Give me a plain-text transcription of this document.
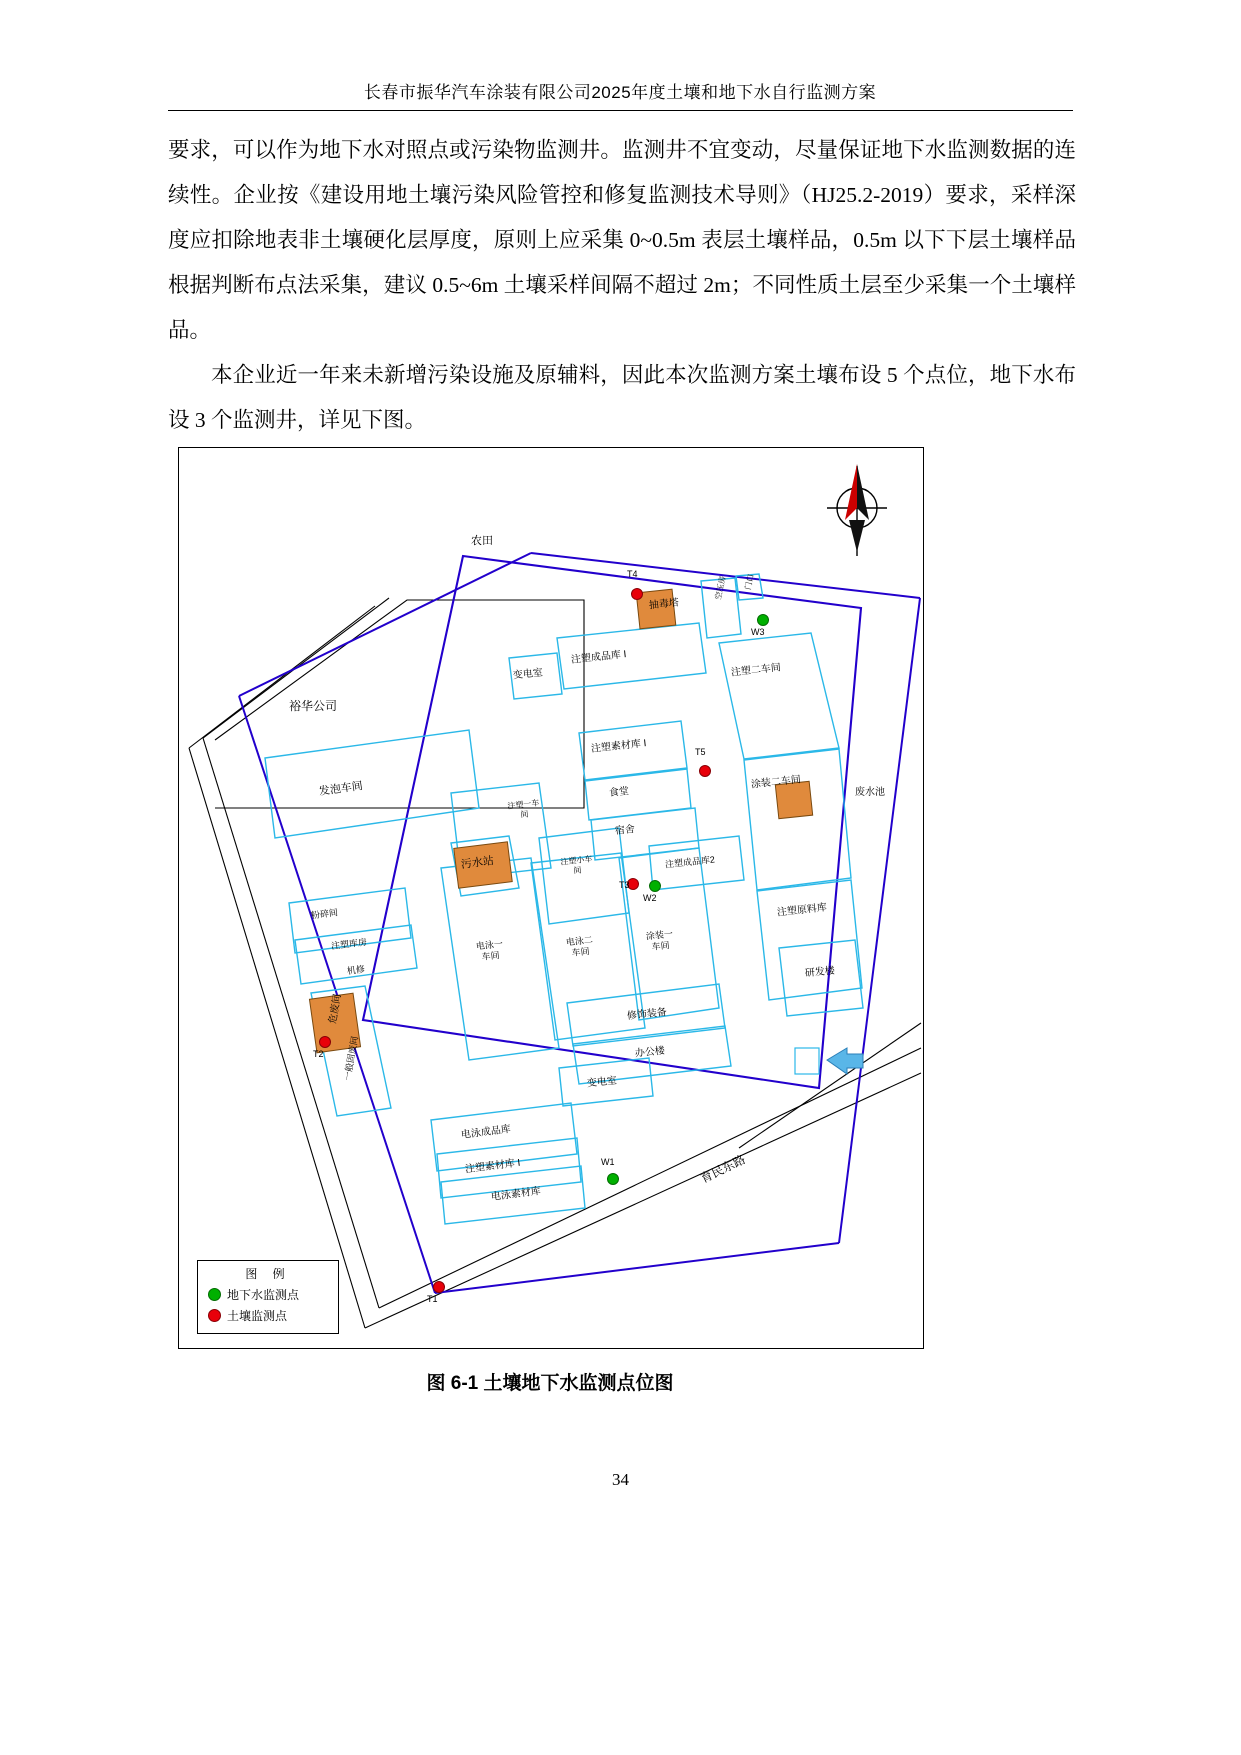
长春市振华汽车涂装有限公司2025年度土壤和地下水自行监测方案

要求，可以作为地下水对照点或污染物监测井。监测井不宜变动，尽量保证地下水监测数据的连续性。企业按《建设用地土壤污染风险管控和修复监测技术导则》（HJ25.2-2019）要求，采样深度应扣除地表非土壤硬化层厚度，原则上应采集 0~0.5m 表层土壤样品，0.5m 以下下层土壤样品根据判断布点法采集，建议 0.5~6m 土壤采样间隔不超过 2m；不同性质土层至少采集一个土壤样品。

本企业近一年来未新增污染设施及原辅料，因此本次监测方案土壤布设 5 个点位，地下水布设 3 个监测井，详见下图。

农田
裕华公司
育民东路
注塑成品库 I
抽毒塔
空压房 门口
变电室
注塑素材库 I
食堂
宿舍
注塑二车间
涂装二车间
废水池
注塑原料库
研发楼
注塑成品库2
污水站
注塑一车间
注塑小车间
发泡车间
粉碎间
注塑库房
机修
危废间
一般固废间
电泳一车间
电泳二车间
涂装一车间
修饰装备
办公楼
变电室
电泳成品库
注塑素材库 I
电泳素材库
T4
W3
T5
T3
W2
T2
W1
T1
图 例
地下水监测点
土壤监测点
图 6-1 土壤地下水监测点位图
34
